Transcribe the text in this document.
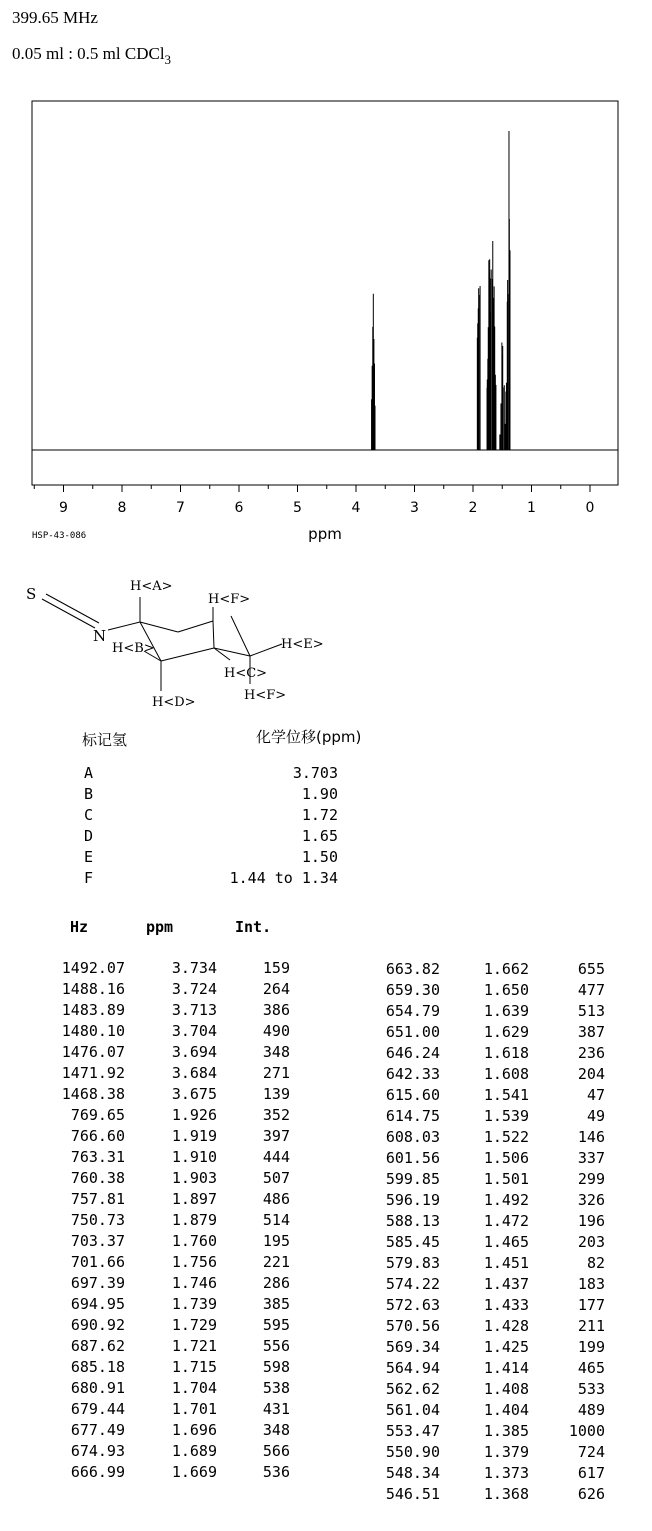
399.65 MHz
0.05 ml : 0.5 ml CDCl$_3$
9	8	7	6	5	4	3	2	1	0
ppm
HSP-43-086
S
N
H<A>
H<B>
H<F>
H<E>
H<C>
H<D>	H<F>
标记氢	化学位移(ppm)
A	3.703
B	1.90
C	1.72
D	1.65
E	1.50
F	1.44 to 1.34
Hz	ppm	Int.
1492.07	3.734	159
1488.16	3.724	264
1483.89	3.713	386
1480.10	3.704	490
1476.07	3.694	348
1471.92	3.684	271
1468.38	3.675	139
769.65	1.926	352
766.60	1.919	397
763.31	1.910	444
760.38	1.903	507
757.81	1.897	486
750.73	1.879	514
703.37	1.760	195
701.66	1.756	221
697.39	1.746	286
694.95	1.739	385
690.92	1.729	595
687.62	1.721	556
685.18	1.715	598
680.91	1.704	538
679.44	1.701	431
677.49	1.696	348
674.93	1.689	566
666.99	1.669	536
663.82	1.662	655
659.30	1.650	477
654.79	1.639	513
651.00	1.629	387
646.24	1.618	236
642.33	1.608	204
615.60	1.541	47
614.75	1.539	49
608.03	1.522	146
601.56	1.506	337
599.85	1.501	299
596.19	1.492	326
588.13	1.472	196
585.45	1.465	203
579.83	1.451	82
574.22	1.437	183
572.63	1.433	177
570.56	1.428	211
569.34	1.425	199
564.94	1.414	465
562.62	1.408	533
561.04	1.404	489
553.47	1.385	1000
550.90	1.379	724
548.34	1.373	617
546.51	1.368	626
